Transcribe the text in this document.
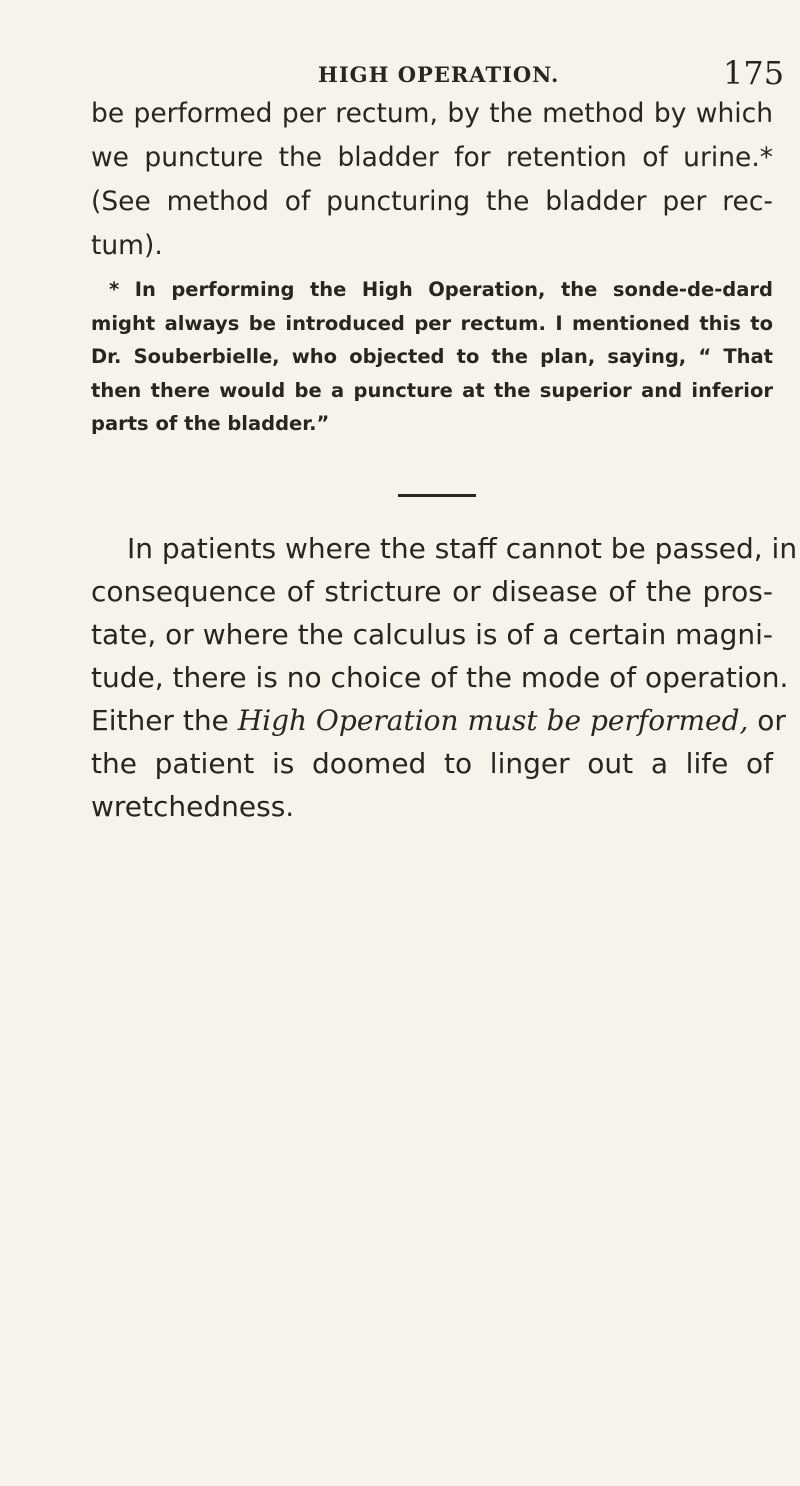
HIGH OPERATION.	175
be performed per rectum, by the method by which
we puncture the bladder for retention of urine.*
(See method of puncturing the bladder per rec-
tum).
* In performing the High Operation, the sonde-de-dard
might always be introduced per rectum. I mentioned this to
Dr. Souberbielle, who objected to the plan, saying, “ That
then there would be a puncture at the superior and inferior
parts of the bladder.”
In patients where the staff cannot be passed, in
consequence of stricture or disease of the pros-
tate, or where the calculus is of a certain magni-
tude, there is no choice of the mode of operation.
Either the High Operation must be performed, or
the patient is doomed to linger out a life of
wretchedness.
